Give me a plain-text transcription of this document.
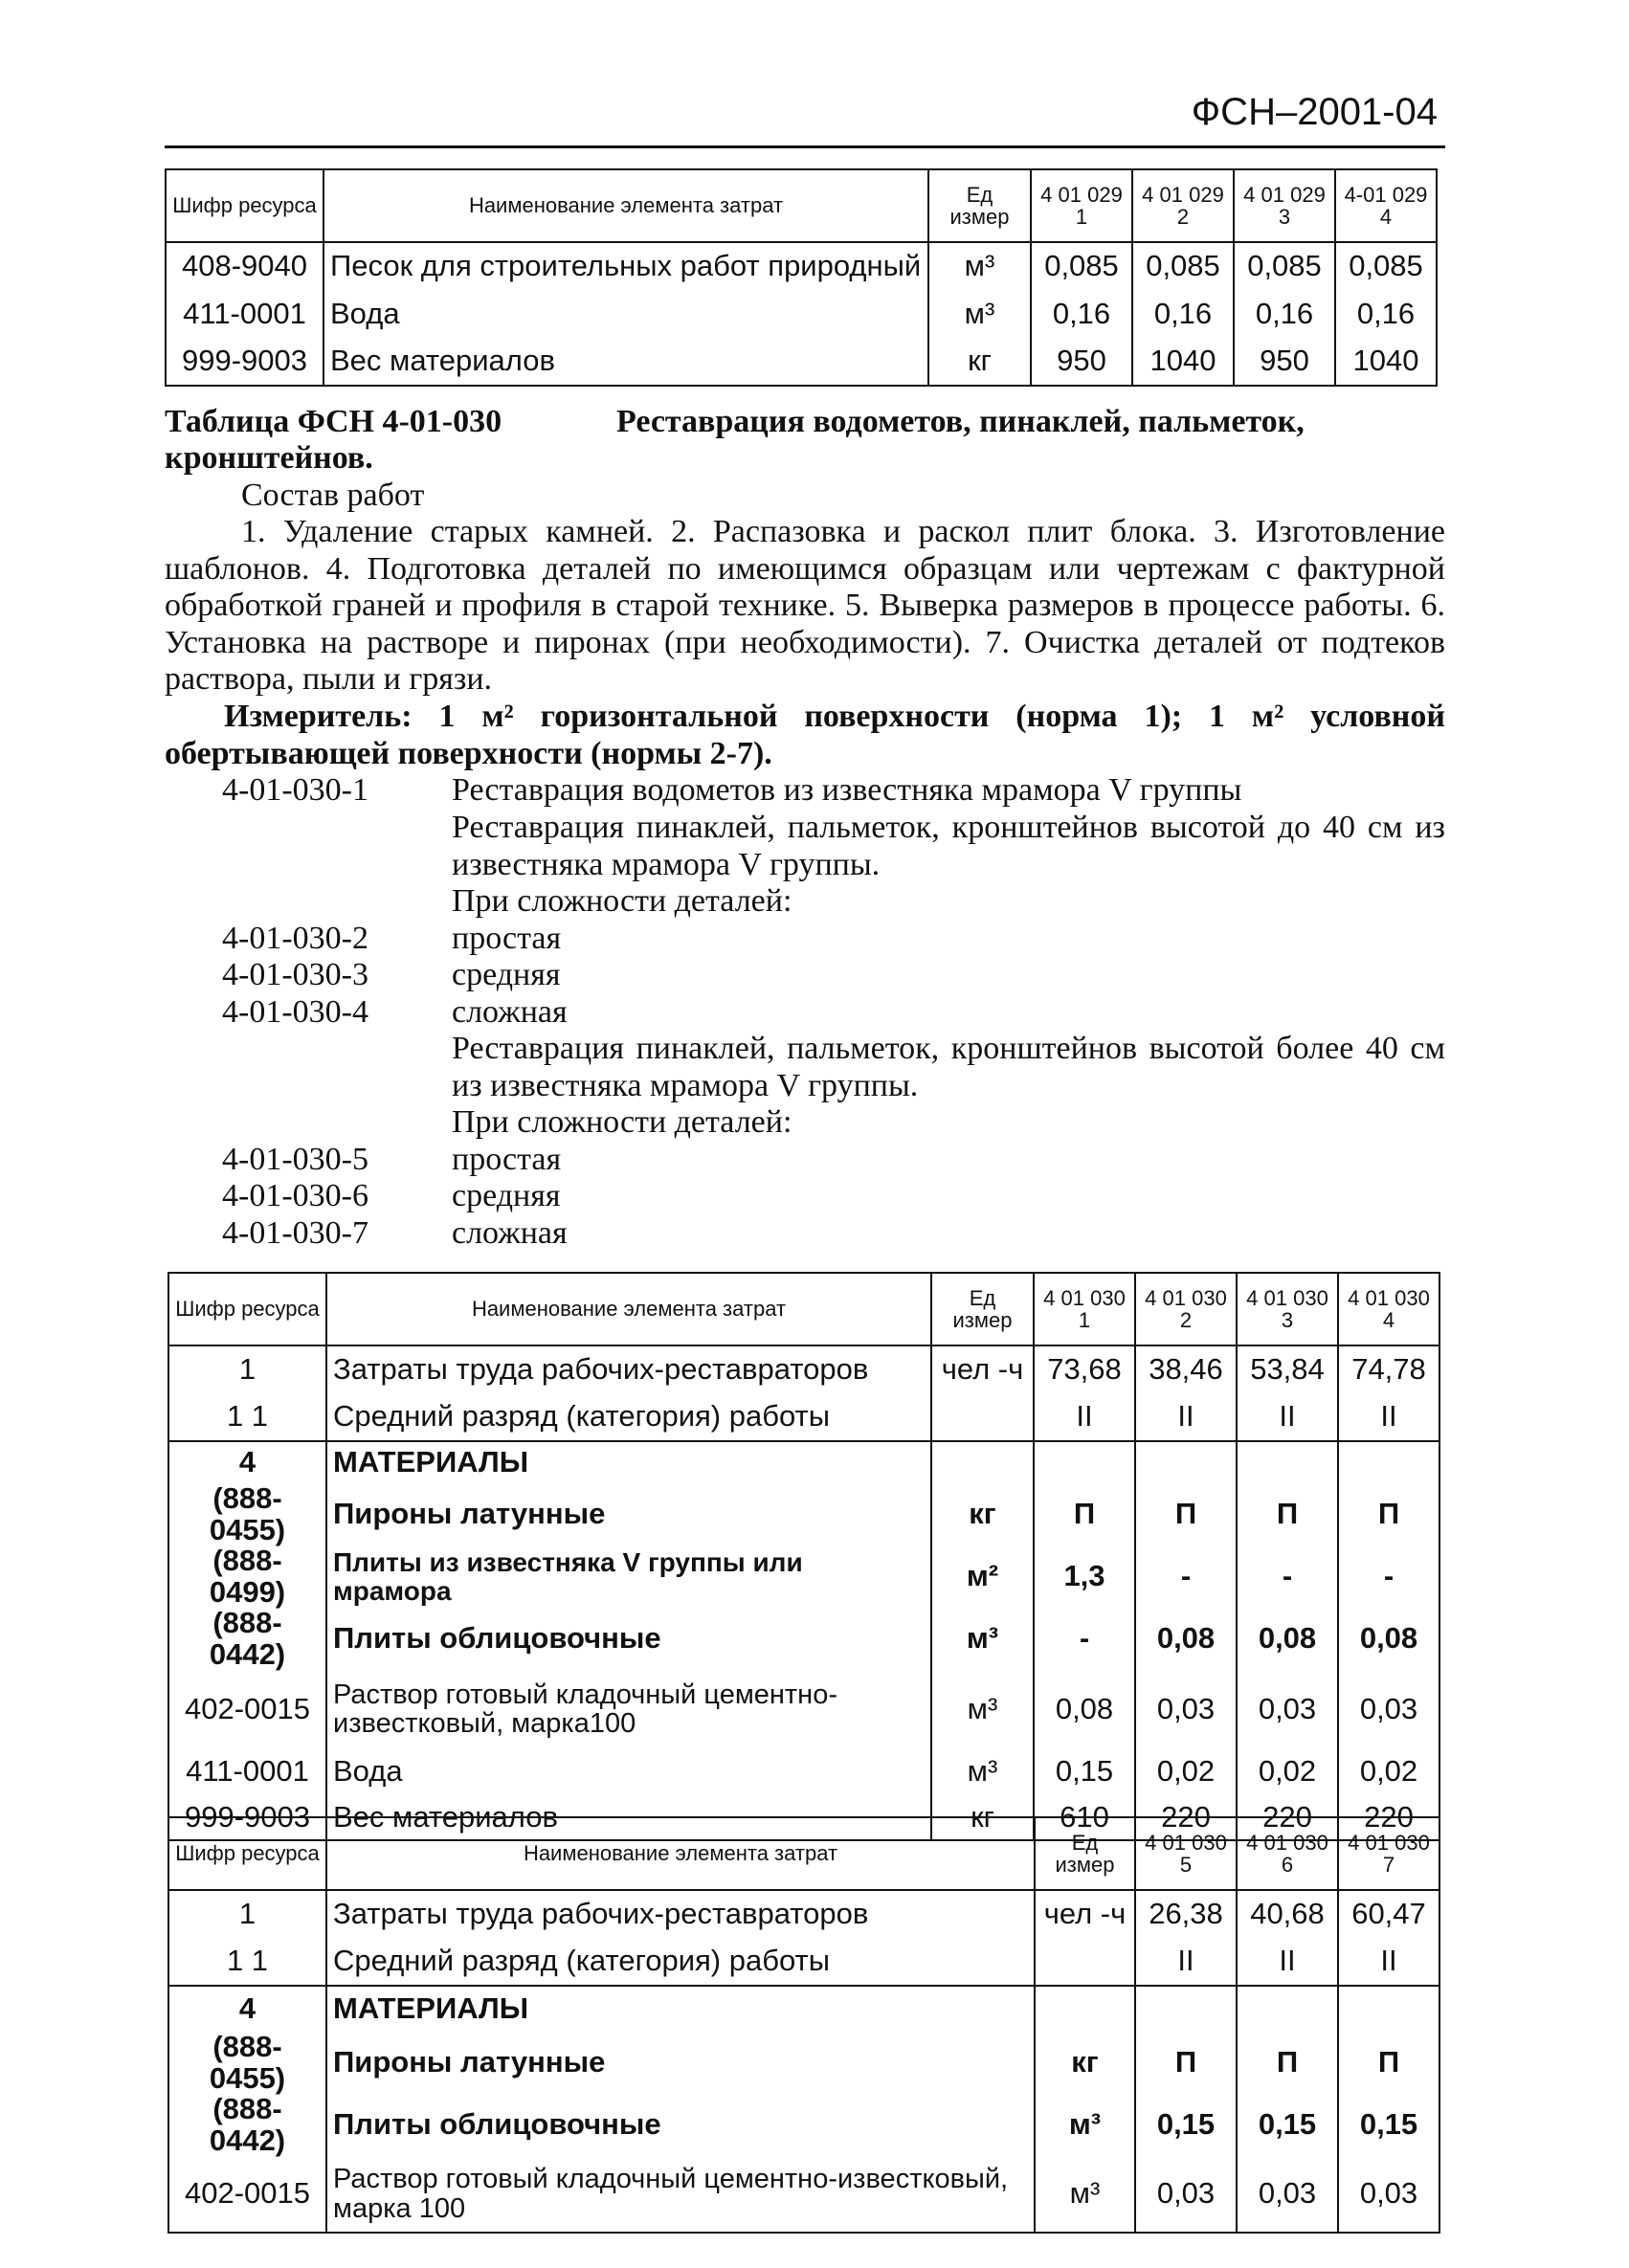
ФСН–2001-04
Шифр ресурса	Наименование элемента затрат	Ед измер	4 01 029 1	4 01 029 2	4 01 029 3	4-01 029 4
408-9040	Песок для строительных работ природный	м³	0,085	0,085	0,085	0,085
411-0001	Вода	м³	0,16	0,16	0,16	0,16
999-9003	Вес материалов	кг	950	1040	950	1040
Таблица ФСН 4-01-030	Реставрация водометов, пинаклей, пальметок, кронштейнов.
Состав работ
1. Удаление старых камней. 2. Распазовка и раскол плит блока. 3. Изготовление шаблонов. 4. Подготовка деталей по имеющимся образцам или чертежам с фактурной обработкой граней и профиля в старой технике. 5. Выверка размеров в процессе работы. 6. Установка на растворе и пиронах (при необходимости). 7. Очистка деталей от подтеков раствора, пыли и грязи.
Измеритель: 1 м² горизонтальной поверхности (норма 1); 1 м² условной обертывающей поверхности (нормы 2-7).
4-01-030-1	Реставрация водометов из известняка мрамора V группы
Реставрация пинаклей, пальметок, кронштейнов высотой до 40 см из известняка мрамора V группы.
При сложности деталей:
4-01-030-2	простая
4-01-030-3	средняя
4-01-030-4	сложная
Реставрация пинаклей, пальметок, кронштейнов высотой более 40 см из известняка мрамора V группы.
При сложности деталей:
4-01-030-5	простая
4-01-030-6	средняя
4-01-030-7	сложная
Шифр ресурса	Наименование элемента затрат	Ед измер	4 01 030 1	4 01 030 2	4 01 030 3	4 01 030 4
1	Затраты труда рабочих-реставраторов	чел -ч	73,68	38,46	53,84	74,78
1 1	Средний разряд (категория) работы		II	II	II	II
4	МАТЕРИАЛЫ					
(888-0455)	Пироны латунные	кг	П	П	П	П
(888-0499)	Плиты из известняка V группы или мрамора	м²	1,3	-	-	-
(888-0442)	Плиты облицовочные	м³	-	0,08	0,08	0,08
402-0015	Раствор готовый кладочный цементно-известковый, марка100	м³	0,08	0,03	0,03	0,03
411-0001	Вода	м³	0,15	0,02	0,02	0,02
999-9003	Вес материалов	кг	610	220	220	220
Шифр ресурса	Наименование элемента затрат	Ед измер	4 01 030 5	4 01 030 6	4 01 030 7
1	Затраты труда рабочих-реставраторов	чел -ч	26,38	40,68	60,47
1 1	Средний разряд (категория) работы		II	II	II
4	МАТЕРИАЛЫ				
(888-0455)	Пироны латунные	кг	П	П	П
(888-0442)	Плиты облицовочные	м³	0,15	0,15	0,15
402-0015	Раствор готовый кладочный цементно-известковый, марка 100	м³	0,03	0,03	0,03
